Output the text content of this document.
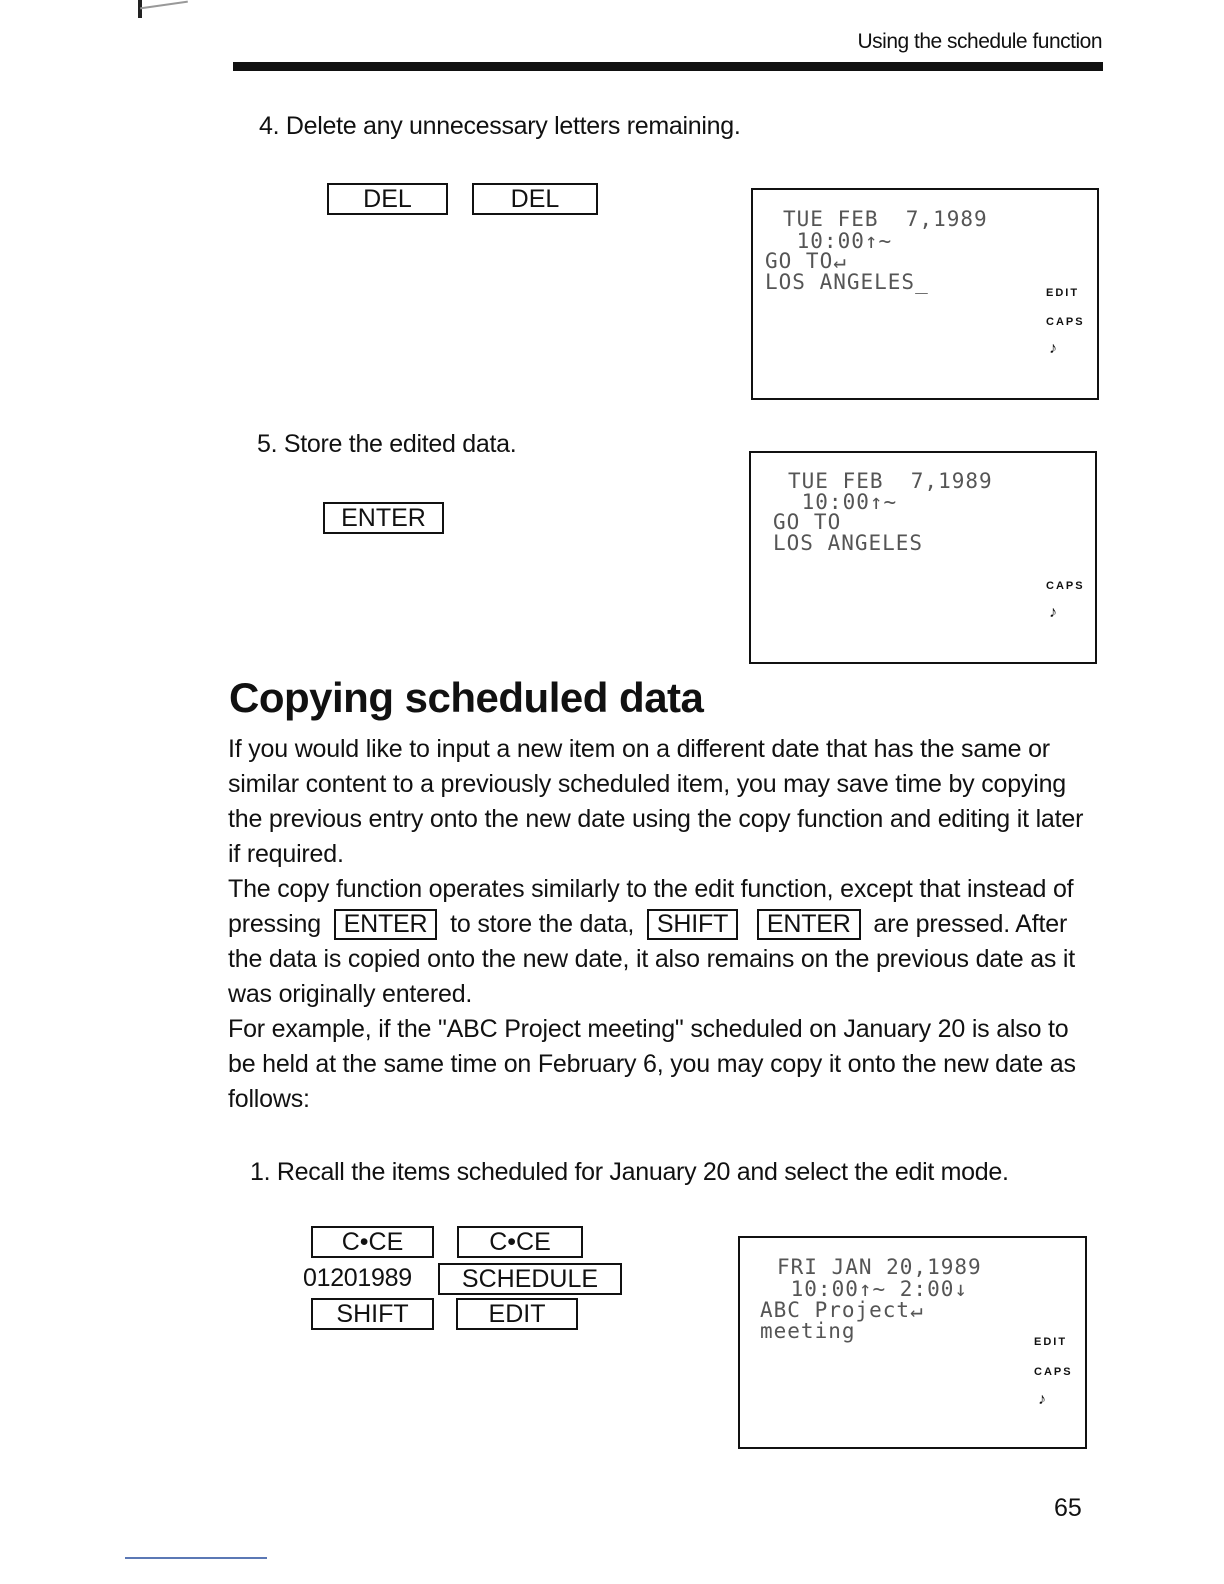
Using the schedule function
4. Delete any unnecessary letters remaining.
DEL	DEL
TUE FEB  7,1989
10:00↑~
GO TO↵
LOS ANGELES_	EDIT
CAPS
♪
5. Store the edited data.
ENTER
TUE FEB  7,1989
10:00↑~
GO TO
LOS ANGELES
CAPS
♪
Copying scheduled data

If you would like to input a new item on a different date that has the same or similar content to a previously scheduled item, you may save time by copying the previous entry onto the new date using the copy function and editing it later if required.

The copy function operates similarly to the edit function, except that instead of pressing ENTER to store the data, SHIFT ENTER are pressed. After the data is copied onto the new date, it also remains on the previous date as it was originally entered.

For example, if the "ABC Project meeting" scheduled on January 20 is also to be held at the same time on February 6, you may copy it onto the new date as follows:

1. Recall the items scheduled for January 20 and select the edit mode.
C•CE	C•CE
01201989	SCHEDULE
SHIFT	EDIT
FRI JAN 20,1989
10:00↑~ 2:00↓
ABC Project↵
meeting	EDIT
CAPS
♪
65
